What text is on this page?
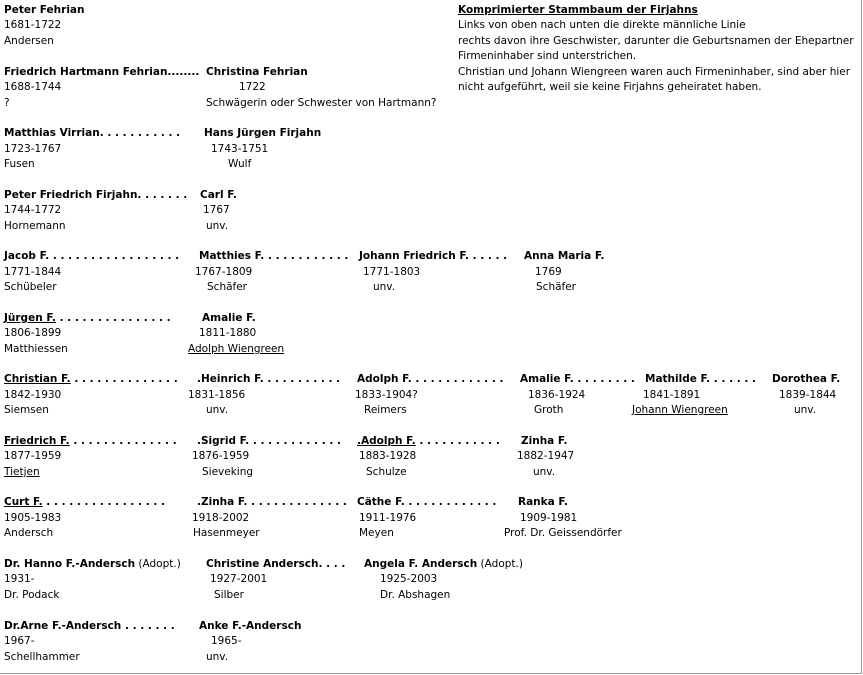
Komprimierter Stammbaum der Firjahns
Links von oben nach unten die direkte männliche Linie
rechts davon ihre Geschwister, darunter die Geburtsnamen der Ehepartner
Firmeninhaber sind unterstrichen.
Christian und Johann Wiengreen waren auch Firmeninhaber, sind aber hier
nicht aufgeführt, weil sie keine Firjahns geheiratet haben.
Peter Fehrian
1681-1722
Andersen
Friedrich Hartmann Fehrian........
1688-1744
?
Christina Fehrian
1722
Schwägerin oder Schwester von Hartmann?
Matthias Virrian. . . . . . . . . . .
1723-1767
Fusen
Hans Jürgen Firjahn
1743-1751
Wulf
Peter Friedrich Firjahn. . . . . . .
1744-1772
Hornemann
Carl F.
1767
unv.
Jacob F. . . . . . . . . . . . . . . . . .
1771-1844
Schübeler
Matthies F. . . . . . . . . . . .
1767-1809
Schäfer
Johann Friedrich F. . . . . .
1771-1803
unv.
Anna Maria F.
1769
Schäfer
Jürgen F. . . . . . . . . . . . . . . .
1806-1899
Matthiessen
Amalie F.
1811-1880
Adolph Wiengreen
Christian F. . . . . . . . . . . . . . .
1842-1930
Siemsen
.Heinrich F. . . . . . . . . . .
1831-1856
unv.
Adolph F. . . . . . . . . . . . .
1833-1904?
Reimers
Amalie F. . . . . . . . .
1836-1924
Groth
Mathilde F. . . . . . .
1841-1891
Johann Wiengreen
Dorothea F.
1839-1844
unv.
Friedrich F. . . . . . . . . . . . . . .
1877-1959
Tietjen
.Sigrid F. . . . . . . . . . . . .
1876-1959
Sieveking
.Adolph F. . . . . . . . . . . .
1883-1928
Schulze
Zinha F.
1882-1947
unv.
Curt F. . . . . . . . . . . . . . . . .
1905-1983
Andersch
.Zinha F. . . . . . . . . . . . . .
1918-2002
Hasenmeyer
Cäthe F. . . . . . . . . . . . .
1911-1976
Meyen
Ranka F.
1909-1981
Prof. Dr. Geissendörfer
Dr. Hanno F.-Andersch (Adopt.)
1931-
Dr. Podack
Christine Andersch. . . .
1927-2001
Silber
Angela F. Andersch (Adopt.)
1925-2003
Dr. Abshagen
Dr.Arne F.-Andersch . . . . . . .
1967-
Schellhammer
Anke F.-Andersch
1965-
unv.
